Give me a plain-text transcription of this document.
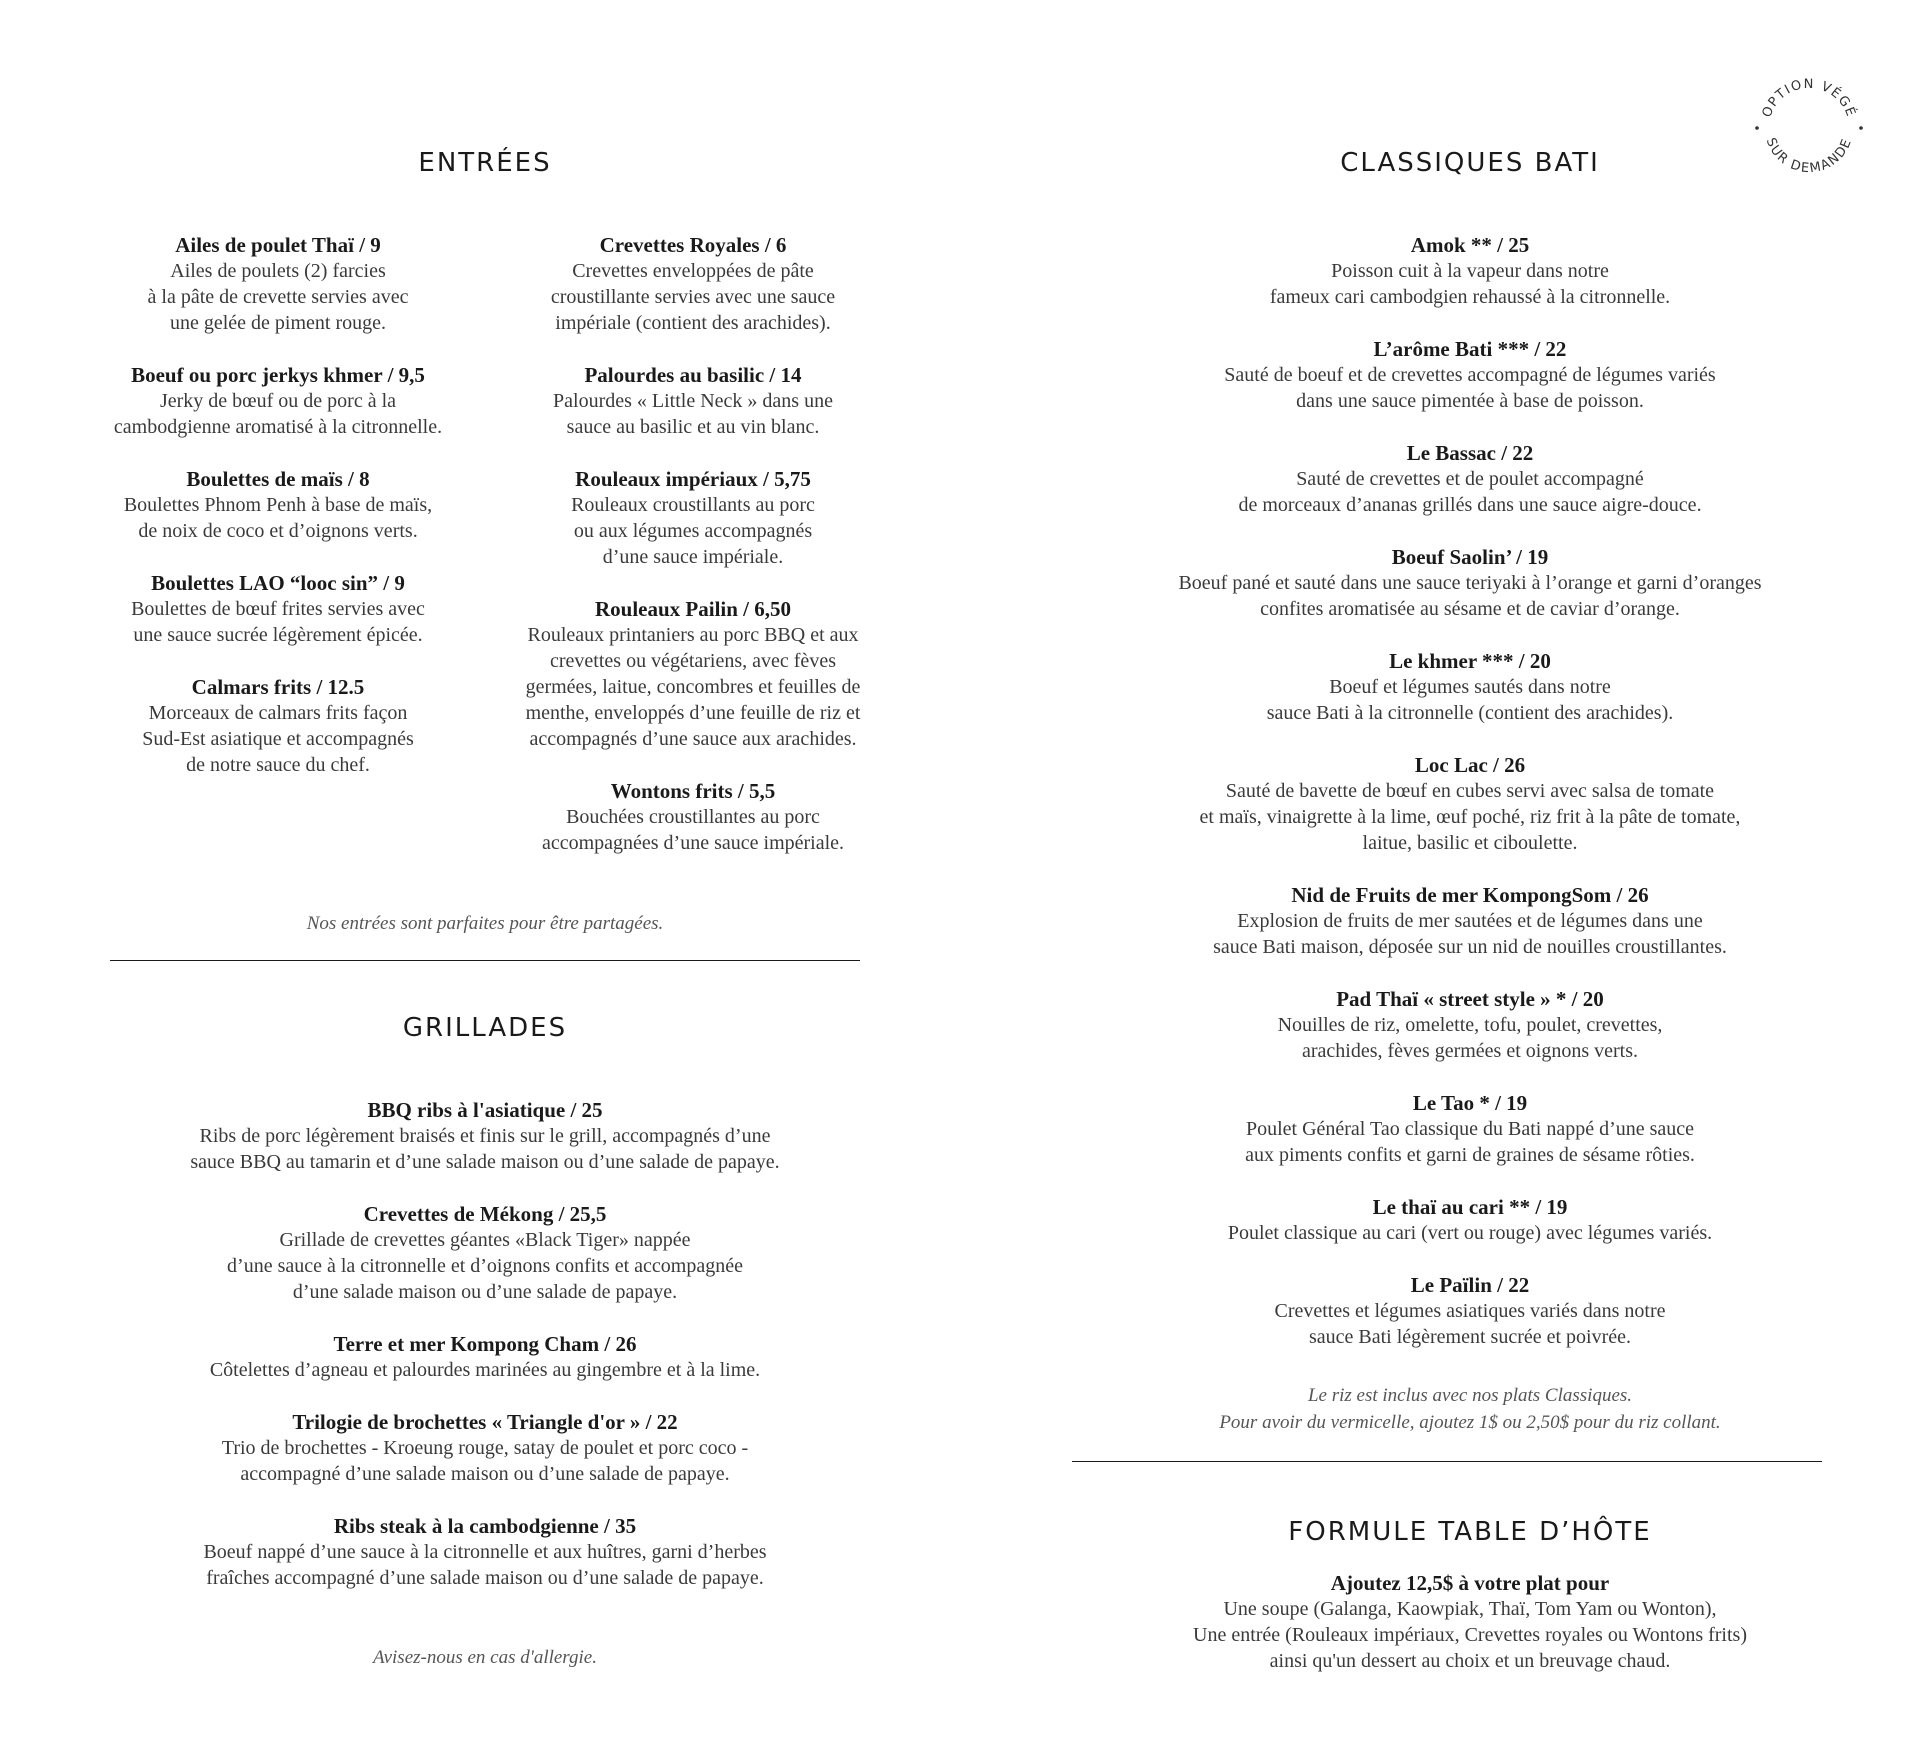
OPTION VÉGÉ
SUR DEMANDE
ENTRÉES
Ailes de poulet Thaï / 9
Ailes de poulets (2) farcies
à la pâte de crevette servies avec
une gelée de piment rouge.
Boeuf ou porc jerkys khmer / 9,5
Jerky de bœuf ou de porc à la
cambodgienne aromatisé à la citronnelle.
Boulettes de maïs / 8
Boulettes Phnom Penh à base de maïs,
de noix de coco et d’oignons verts.
Boulettes LAO “looc sin” / 9
Boulettes de bœuf frites servies avec
une sauce sucrée légèrement épicée.
Calmars frits / 12.5
Morceaux de calmars frits façon
Sud-Est asiatique et accompagnés
de notre sauce du chef.
Crevettes Royales / 6
Crevettes enveloppées de pâte
croustillante servies avec une sauce
impériale (contient des arachides).
Palourdes au basilic / 14
Palourdes « Little Neck » dans une
sauce au basilic et au vin blanc.
Rouleaux impériaux / 5,75
Rouleaux croustillants au porc
ou aux légumes accompagnés
d’une sauce impériale.
Rouleaux Pailin / 6,50
Rouleaux printaniers au porc BBQ et aux
crevettes ou végétariens, avec fèves
germées, laitue, concombres et feuilles de
menthe, enveloppés d’une feuille de riz et
accompagnés d’une sauce aux arachides.
Wontons frits / 5,5
Bouchées croustillantes au porc
accompagnées d’une sauce impériale.
Nos entrées sont parfaites pour être partagées.
GRILLADES
BBQ ribs à l'asiatique / 25
Ribs de porc légèrement braisés et finis sur le grill, accompagnés d’une
sauce BBQ au tamarin et d’une salade maison ou d’une salade de papaye.
Crevettes de Mékong / 25,5
Grillade de crevettes géantes «Black Tiger» nappée
d’une sauce à la citronnelle et d’oignons confits et accompagnée
d’une salade maison ou d’une salade de papaye.
Terre et mer Kompong Cham / 26
Côtelettes d’agneau et palourdes marinées au gingembre et à la lime.
Trilogie de brochettes « Triangle d'or » / 22
Trio de brochettes - Kroeung rouge, satay de poulet et porc coco -
accompagné d’une salade maison ou d’une salade de papaye.
Ribs steak à la cambodgienne / 35
Boeuf nappé d’une sauce à la citronnelle et aux huîtres, garni d’herbes
fraîches accompagné d’une salade maison ou d’une salade de papaye.
Avisez-nous en cas d'allergie.
CLASSIQUES BATI
Amok ** / 25
Poisson cuit à la vapeur dans notre
fameux cari cambodgien rehaussé à la citronnelle.
L’arôme Bati *** / 22
Sauté de boeuf et de crevettes accompagné de légumes variés
dans une sauce pimentée à base de poisson.
Le Bassac / 22
Sauté de crevettes et de poulet accompagné
de morceaux d’ananas grillés dans une sauce aigre-douce.
Boeuf Saolin’ / 19
Boeuf pané et sauté dans une sauce teriyaki à l’orange et garni d’oranges
confites aromatisée au sésame et de caviar d’orange.
Le khmer *** / 20
Boeuf et légumes sautés dans notre
sauce Bati à la citronnelle (contient des arachides).
Loc Lac / 26
Sauté de bavette de bœuf en cubes servi avec salsa de tomate
et maïs, vinaigrette à la lime, œuf poché, riz frit à la pâte de tomate,
laitue, basilic et ciboulette.
Nid de Fruits de mer KompongSom / 26
Explosion de fruits de mer sautées et de légumes dans une
sauce Bati maison, déposée sur un nid de nouilles croustillantes.
Pad Thaï « street style » * / 20
Nouilles de riz, omelette, tofu, poulet, crevettes,
arachides, fèves germées et oignons verts.
Le Tao * / 19
Poulet Général Tao classique du Bati nappé d’une sauce
aux piments confits et garni de graines de sésame rôties.
Le thaï au cari ** / 19
Poulet classique au cari (vert ou rouge) avec légumes variés.
Le Païlin / 22
Crevettes et légumes asiatiques variés dans notre
sauce Bati légèrement sucrée et poivrée.
Le riz est inclus avec nos plats Classiques.
Pour avoir du vermicelle, ajoutez 1$ ou 2,50$ pour du riz collant.
FORMULE TABLE D’HÔTE
Ajoutez 12,5$ à votre plat pour
Une soupe (Galanga, Kaowpiak, Thaï, Tom Yam ou Wonton),
Une entrée (Rouleaux impériaux, Crevettes royales ou Wontons frits)
ainsi qu'un dessert au choix et un breuvage chaud.
